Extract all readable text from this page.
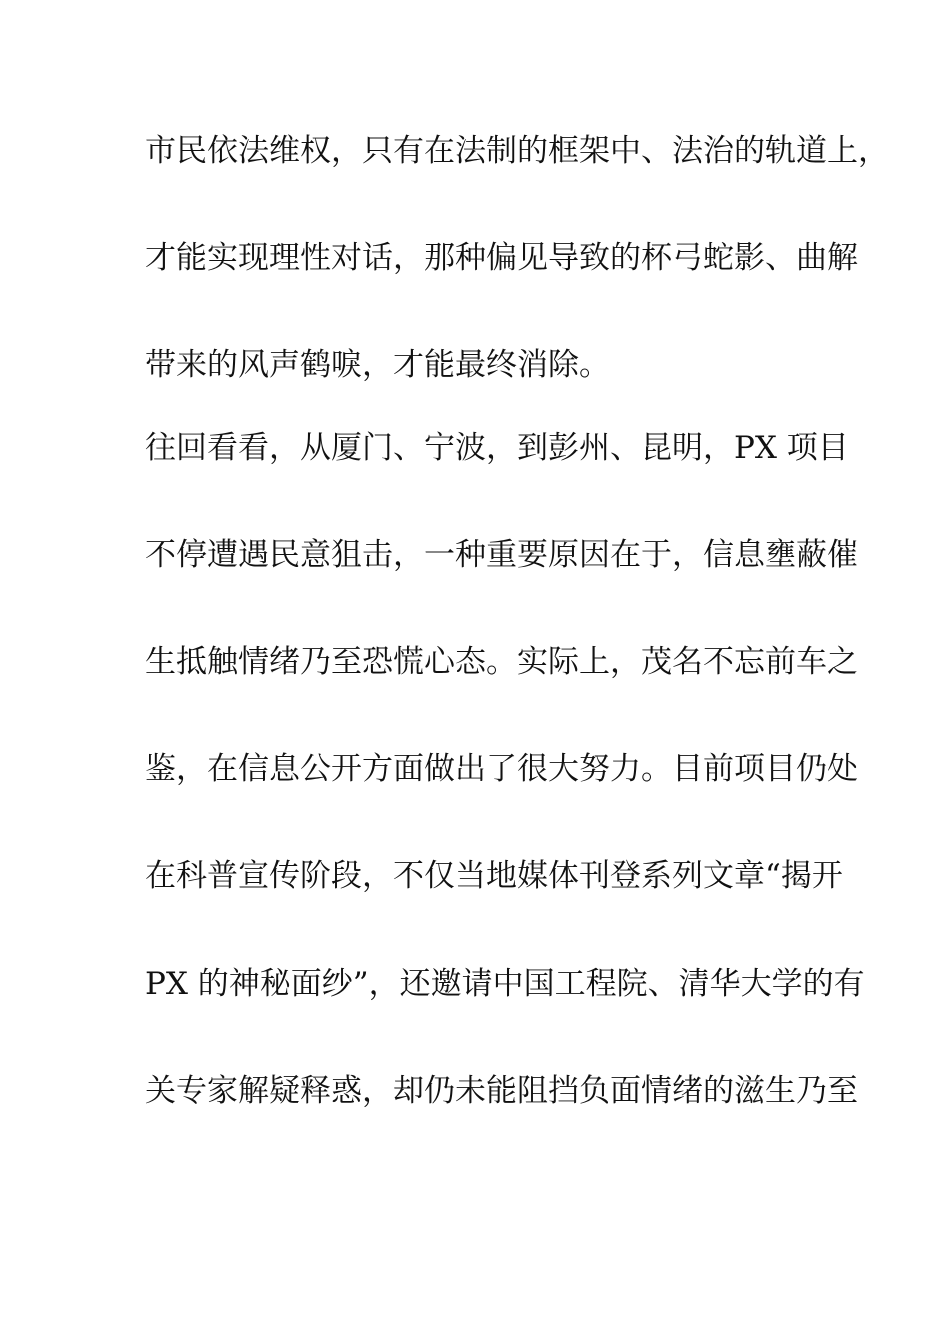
市民依法维权，只有在法制的框架中、法治的轨道上，
才能实现理性对话，那种偏见导致的杯弓蛇影、曲解
带来的风声鹤唳，才能最终消除。
往回看看，从厦门、宁波，到彭州、昆明，PX 项目
不停遭遇民意狙击，一种重要原因在于，信息壅蔽催
生抵触情绪乃至恐慌心态。实际上，茂名不忘前车之
鉴，在信息公开方面做出了很大努力。目前项目仍处
在科普宣传阶段，不仅当地媒体刊登系列文章“揭开
PX 的神秘面纱”，还邀请中国工程院、清华大学的有
关专家解疑释惑，却仍未能阻挡负面情绪的滋生乃至
